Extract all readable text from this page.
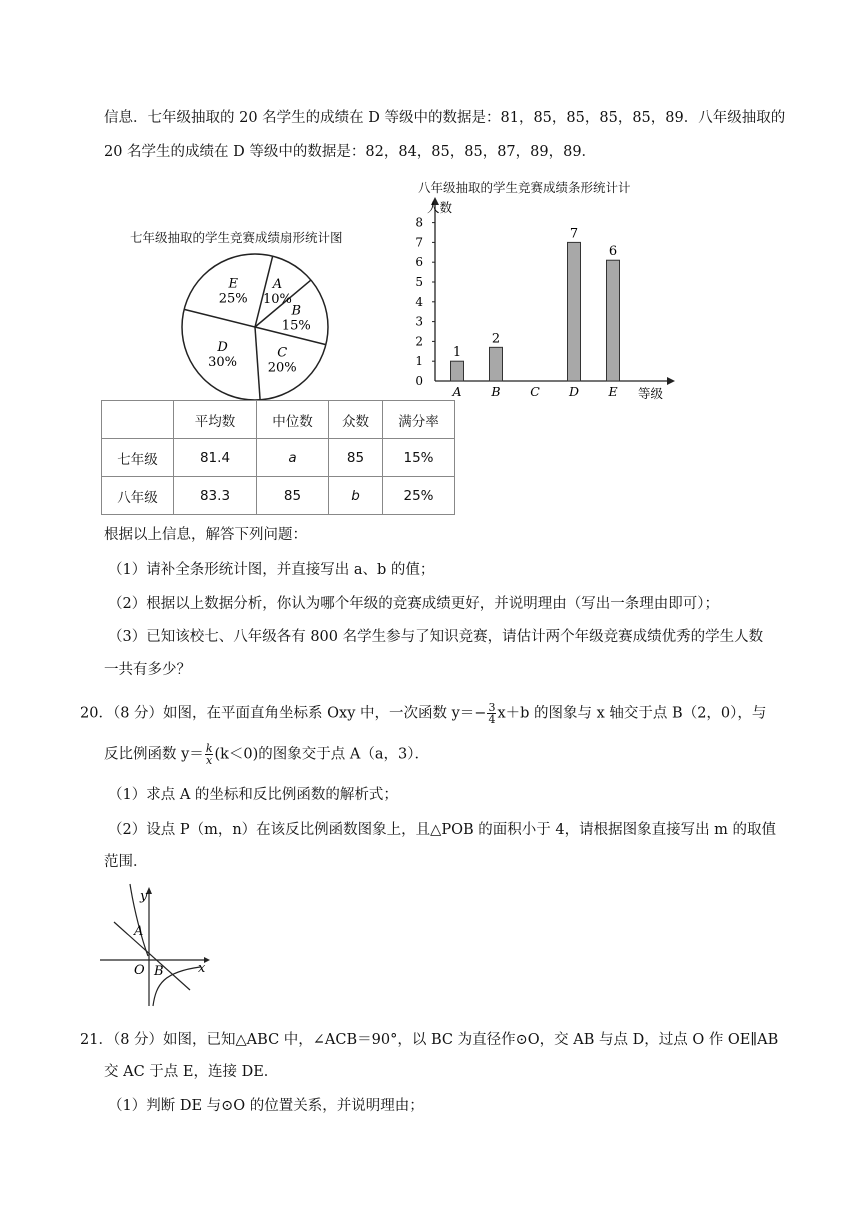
信息．七年级抽取的 20 名学生的成绩在 D 等级中的数据是：81，85，85，85，85，89．八年级抽取的
20 名学生的成绩在 D 等级中的数据是：82，84，85，85，87，89，89．
七年级抽取的学生竞赛成绩扇形统计图
A
10%
B
15%
C
20%
D
30%
E
25%
八年级抽取的学生竞赛成绩条形统计计
0
1
2
3
4
5
6
7
8
1
2
7
6
A B C D E
人数
等级
	平均数	中位数	众数	满分率
七年级	81.4	a	85	15%
八年级	83.3	85	b	25%
根据以上信息，解答下列问题：
（1）请补全条形统计图，并直接写出 a、b 的值；
（2）根据以上数据分析，你认为哪个年级的竞赛成绩更好，并说明理由（写出一条理由即可）；
（3）已知该校七、八年级各有 800 名学生参与了知识竞赛，请估计两个年级竞赛成绩优秀的学生人数
一共有多少？
20．（8 分）如图，在平面直角坐标系 Oxy 中，一次函数 $y=- \frac{3}{4} x+b$ 的图象与 x 轴交于点 B（2，0），与
反比例函数 $y= \frac{k}{x} (k<0)$的图象交于点 A（a，3）．
（1）求点 A 的坐标和反比例函数的解析式；
（2）设点 P（m，n）在该反比例函数图象上，且△POB 的面积小于 4，请根据图象直接写出 m 的取值
范围．
y
x
A
O B
21．（8 分）如图，已知△ABC 中，∠ACB＝90°，以 BC 为直径作⊙O，交 AB 与点 D，过点 O 作 OE∥AB
交 AC 于点 E，连接 DE．
（1）判断 DE 与⊙O 的位置关系，并说明理由；
